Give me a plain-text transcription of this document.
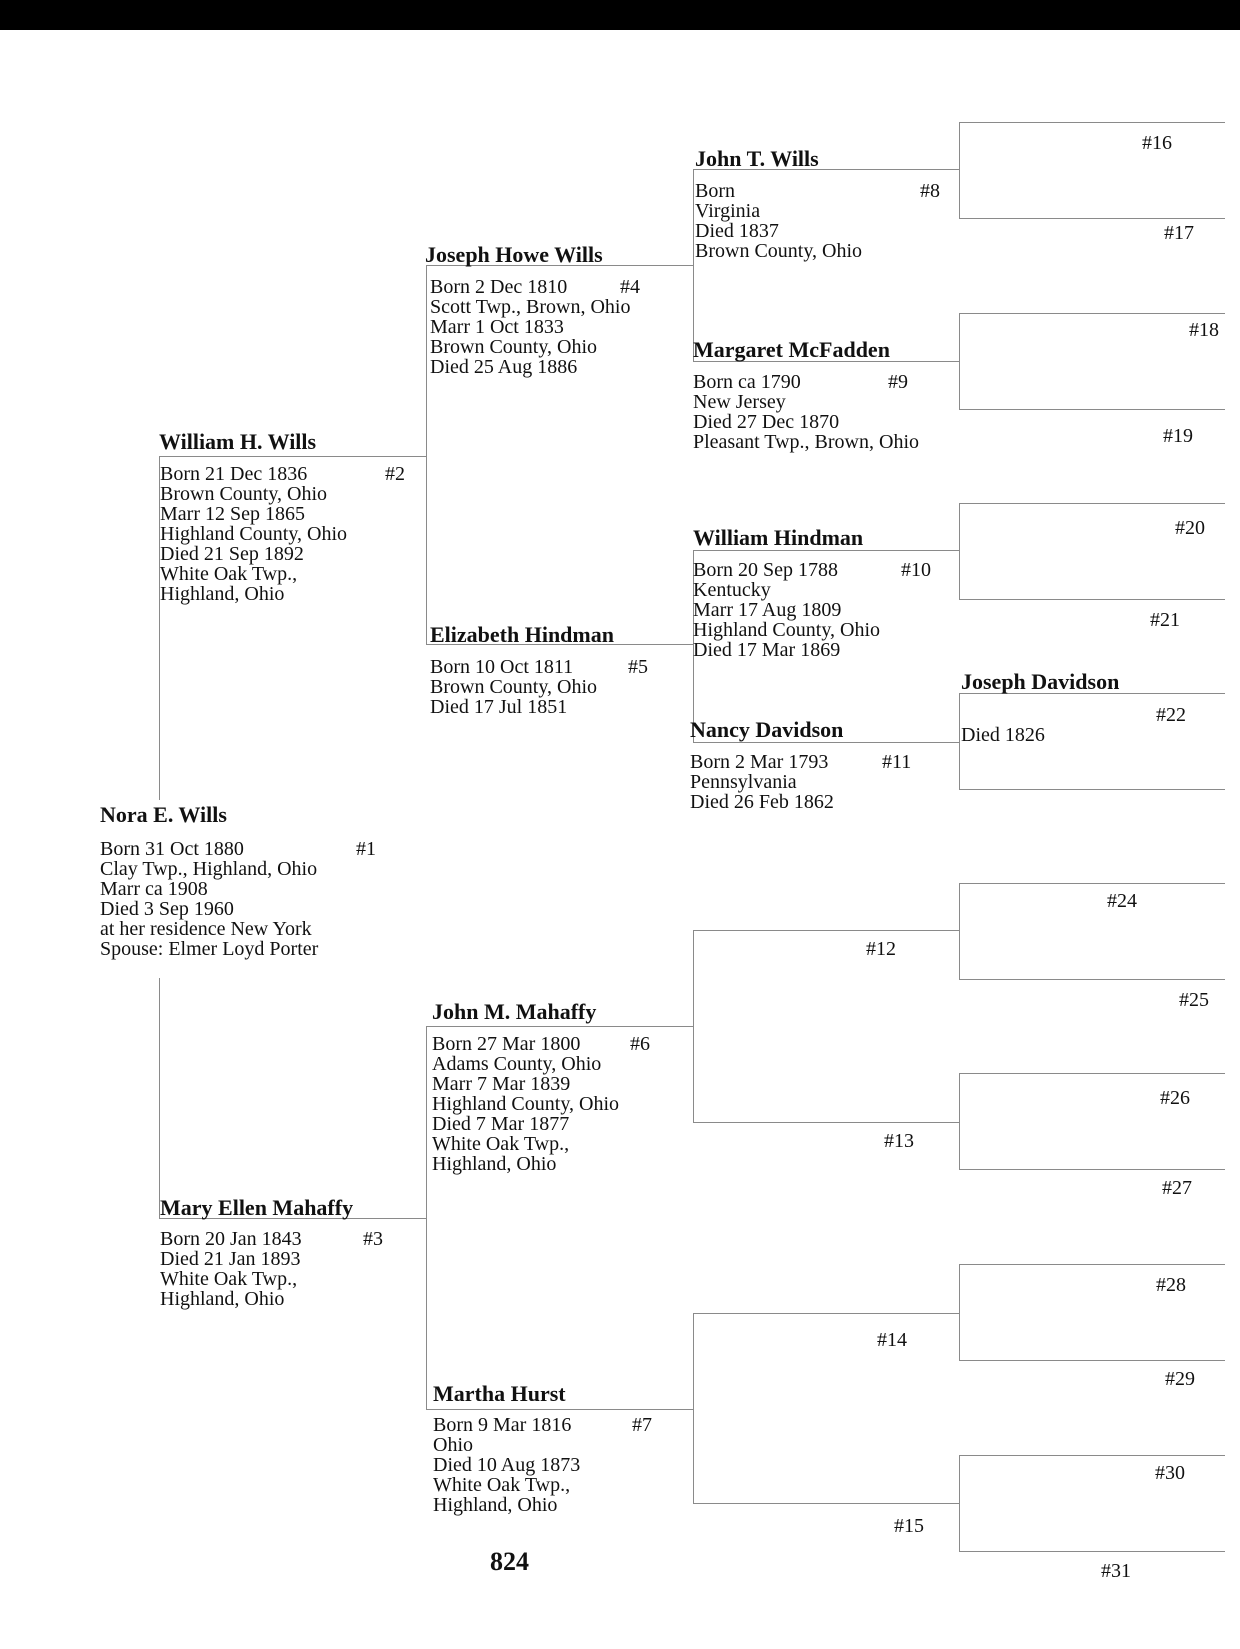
Nora E. Wills
#1
Born 31 Oct 1880
Clay Twp., Highland, Ohio
Marr ca 1908
Died 3 Sep 1960
at her residence New York
Spouse: Elmer Loyd Porter
William H. Wills
#2
Born 21 Dec 1836
Brown County, Ohio
Marr 12 Sep 1865
Highland County, Ohio
Died 21 Sep 1892
White Oak Twp.,
Highland, Ohio
Mary Ellen Mahaffy
#3
Born 20 Jan 1843
Died 21 Jan 1893
White Oak Twp.,
Highland, Ohio
Joseph Howe Wills
#4
Born 2 Dec 1810
Scott Twp., Brown, Ohio
Marr 1 Oct 1833
Brown County, Ohio
Died 25 Aug 1886
Elizabeth Hindman
#5
Born 10 Oct 1811
Brown County, Ohio
Died 17 Jul 1851
John M. Mahaffy
#6
Born 27 Mar 1800
Adams County, Ohio
Marr 7 Mar 1839
Highland County, Ohio
Died 7 Mar 1877
White Oak Twp.,
Highland, Ohio
Martha Hurst
#7
Born 9 Mar 1816
Ohio
Died 10 Aug 1873
White Oak Twp.,
Highland, Ohio
John T. Wills
#8
Born
Virginia
Died 1837
Brown County, Ohio
Margaret McFadden
#9
Born ca 1790
New Jersey
Died 27 Dec 1870
Pleasant Twp., Brown, Ohio
William Hindman
#10
Born 20 Sep 1788
Kentucky
Marr 17 Aug 1809
Highland County, Ohio
Died 17 Mar 1869
Nancy Davidson
#11
Born 2 Mar 1793
Pennsylvania
Died 26 Feb 1862
Joseph Davidson
#22
Died 1826
#12
#13
#14
#15
#16
#17
#18
#19
#20
#21
#24
#25
#26
#27
#28
#29
#30
#31
824
